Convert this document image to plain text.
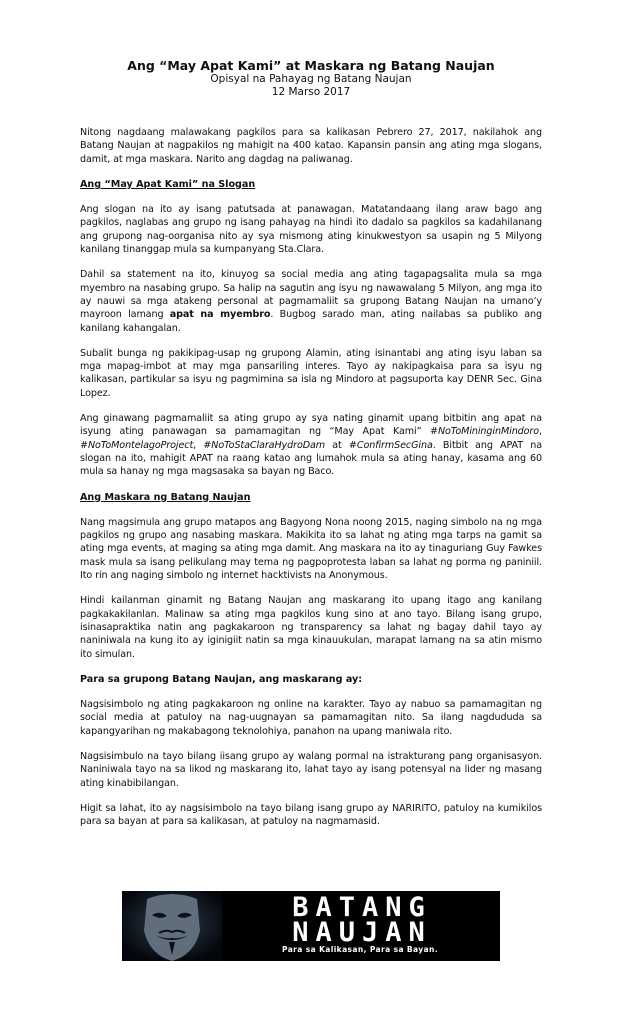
Ang “May Apat Kami” at Maskara ng Batang Naujan
Opisyal na Pahayag ng Batang Naujan
12 Marso 2017

Nitong nagdaang malawakang pagkilos para sa kalikasan Pebrero 27, 2017, nakilahok ang Batang Naujan at nagpakilos ng mahigit na 400 katao. Kapansin pansin ang ating mga slogans, damit, at mga maskara. Narito ang dagdag na paliwanag.

Ang “May Apat Kami” na Slogan

Ang slogan na ito ay isang patutsada at panawagan. Matatandaang ilang araw bago ang pagkilos, naglabas ang grupo ng isang pahayag na hindi ito dadalo sa pagkilos sa kadahilanang ang grupong nag-oorganisa nito ay sya mismong ating kinukwestyon sa usapin ng 5 Milyong kanilang tinanggap mula sa kumpanyang Sta.Clara.

Dahil sa statement na ito, kinuyog sa social media ang ating tagapagsalita mula sa mga myembro na nasabing grupo. Sa halip na sagutin ang isyu ng nawawalang 5 Milyon, ang mga ito ay nauwi sa mga atakeng personal at pagmamaliit sa grupong Batang Naujan na umano’y mayroon lamang apat na myembro. Bugbog sarado man, ating nailabas sa publiko ang kanilang kahangalan.

Subalit bunga ng pakikipag-usap ng grupong Alamin, ating isinantabi ang ating isyu laban sa mga mapag-imbot at may mga pansariling interes. Tayo ay nakipagkaisa para sa isyu ng kalikasan, partikular sa isyu ng pagmimina sa isla ng Mindoro at pagsuporta kay DENR Sec. Gina Lopez.

Ang ginawang pagmamaliit sa ating grupo ay sya nating ginamit upang bitbitin ang apat na isyung ating panawagan sa pamamagitan ng “May Apat Kami” #NoToMininginMindoro, #NoToMontelagoProject, #NoToStaClaraHydroDam at #ConfirmSecGina. Bitbit ang APAT na slogan na ito, mahigit APAT na raang katao ang lumahok mula sa ating hanay, kasama ang 60 mula sa hanay ng mga magsasaka sa bayan ng Baco.

Ang Maskara ng Batang Naujan

Nang magsimula ang grupo matapos ang Bagyong Nona noong 2015, naging simbolo na ng mga pagkilos ng grupo ang nasabing maskara. Makikita ito sa lahat ng ating mga tarps na gamit sa ating mga events, at maging sa ating mga damit. Ang maskara na ito ay tinaguriang Guy Fawkes mask mula sa isang pelikulang may tema ng pagpoprotesta laban sa lahat ng porma ng paniniil. Ito rin ang naging simbolo ng internet hacktivists na Anonymous.

Hindi kailanman ginamit ng Batang Naujan ang maskarang ito upang itago ang kanilang pagkakakilanlan. Malinaw sa ating mga pagkilos kung sino at ano tayo. Bilang isang grupo, isinasapraktika natin ang pagkakaroon ng transparency sa lahat ng bagay dahil tayo ay naniniwala na kung ito ay iginigiit natin sa mga kinauukulan, marapat lamang na sa atin mismo ito simulan.

Para sa grupong Batang Naujan, ang maskarang ay:

Nagsisimbolo ng ating pagkakaroon ng online na karakter. Tayo ay nabuo sa pamamagitan ng social media at patuloy na nag-uugnayan sa pamamagitan nito. Sa ilang nagdududa sa kapangyarihan ng makabagong teknolohiya, panahon na upang maniwala rito.

Nagsisimbulo na tayo bilang iisang grupo ay walang pormal na istrakturang pang organisasyon. Naniniwala tayo na sa likod ng maskarang ito, lahat tayo ay isang potensyal na lider ng masang ating kinabibilangan.

Higit sa lahat, ito ay nagsisimbolo na tayo bilang isang grupo ay NARIRITO, patuloy na kumikilos para sa bayan at para sa kalikasan, at patuloy na nagmamasid.

BATANG
NAUJAN
Para sa Kalikasan, Para sa Bayan.
